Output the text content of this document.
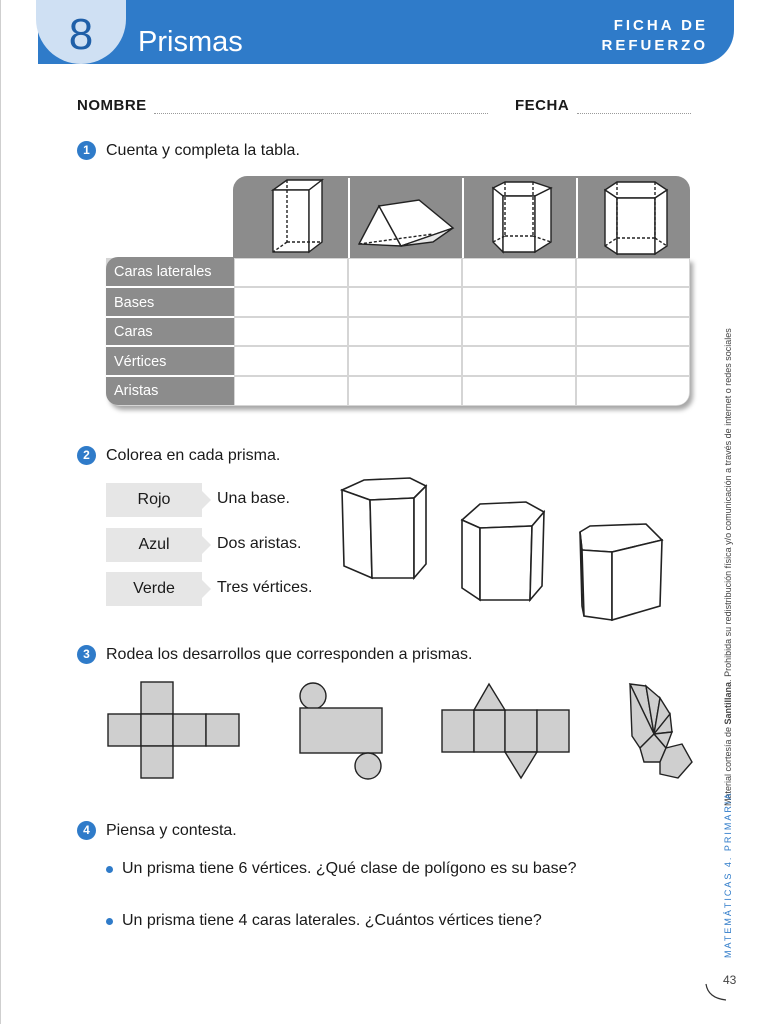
8	Prismas
FICHA DE
REFUERZO
NOMBRE	FECHA
1	Cuenta y completa la tabla.
Caras laterales
Bases
Caras
Vértices
Aristas
2	Colorea en cada prisma.
Rojo	Una base.
Azul	Dos aristas.
Verde	Tres vértices.
3	Rodea los desarrollos que corresponden a prismas.
4	Piensa y contesta.
Un prisma tiene 6 vértices. ¿Qué clase de polígono es su base?
Un prisma tiene 4 caras laterales. ¿Cuántos vértices tiene?
Material cortesía de Santillana. Prohibida su redistribución física y/o comunicación a través de internet o redes sociales
MATEMÁTICAS 4. PRIMARIA
43
